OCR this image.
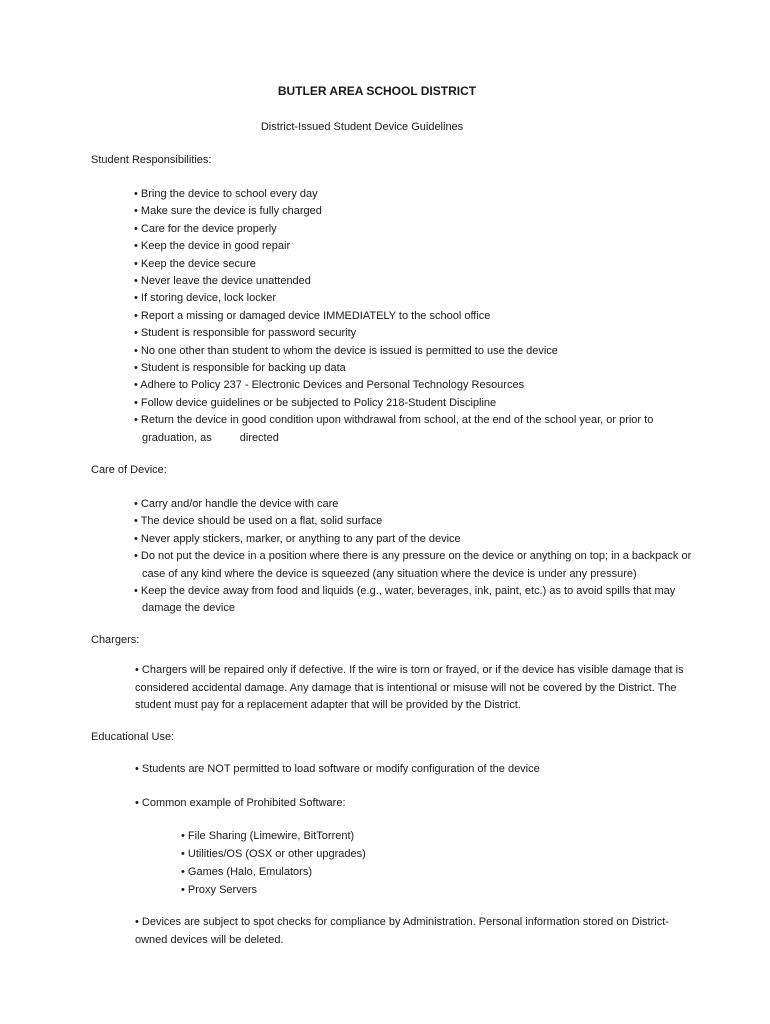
BUTLER AREA SCHOOL DISTRICT
District-Issued Student Device Guidelines
Student Responsibilities:
• Bring the device to school every day
• Make sure the device is fully charged
• Care for the device properly
• Keep the device in good repair
• Keep the device secure
• Never leave the device unattended
• If storing device, lock locker
• Report a missing or damaged device IMMEDIATELY to the school office
• Student is responsible for password security
• No one other than student to whom the device is issued is permitted to use the device
• Student is responsible for backing up data
• Adhere to Policy 237 - Electronic Devices and Personal Technology Resources
• Follow device guidelines or be subjected to Policy 218-Student Discipline
• Return the device in good condition upon withdrawal from school, at the end of the school year, or prior to graduation, as	directed
Care of Device:
• Carry and/or handle the device with care
• The device should be used on a flat, solid surface
• Never apply stickers, marker, or anything to any part of the device
• Do not put the device in a position where there is any pressure on the device or anything on top; in a backpack or case of any kind where the device is squeezed (any situation where the device is under any pressure)
• Keep the device away from food and liquids (e.g., water, beverages, ink, paint, etc.) as to avoid spills that may damage the device
Chargers:

• Chargers will be repaired only if defective. If the wire is torn or frayed, or if the device has visible damage that is considered accidental damage. Any damage that is intentional or misuse will not be covered by the District. The student must pay for a replacement adapter that will be provided by the District.

Educational Use:

• Students are NOT permitted to load software or modify configuration of the device

• Common example of Prohibited Software:

• File Sharing (Limewire, BitTorrent)
• Utilities/OS (OSX or other upgrades)
• Games (Halo, Emulators)
• Proxy Servers

• Devices are subject to spot checks for compliance by Administration. Personal information stored on District-owned devices will be deleted.
